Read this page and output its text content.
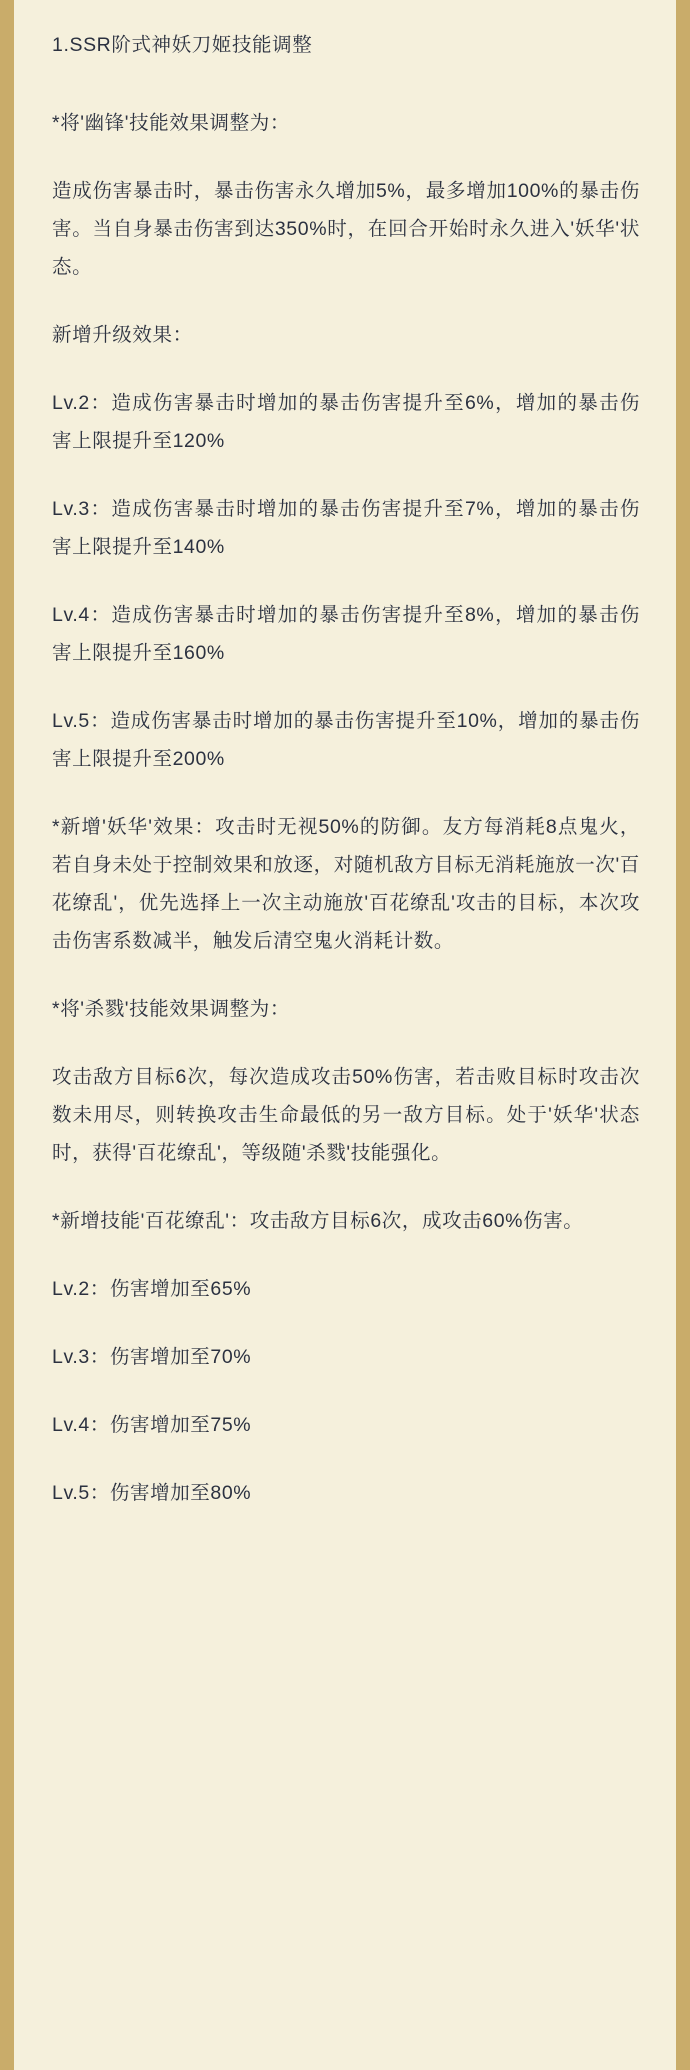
1.SSR阶式神妖刀姬技能调整

*将'幽锋'技能效果调整为：

造成伤害暴击时，暴击伤害永久增加5%，最多增加100%的暴击伤害。当自身暴击伤害到达350%时，在回合开始时永久进入'妖华'状态。

新增升级效果：

Lv.2：造成伤害暴击时增加的暴击伤害提升至6%，增加的暴击伤害上限提升至120%

Lv.3：造成伤害暴击时增加的暴击伤害提升至7%，增加的暴击伤害上限提升至140%

Lv.4：造成伤害暴击时增加的暴击伤害提升至8%，增加的暴击伤害上限提升至160%

Lv.5：造成伤害暴击时增加的暴击伤害提升至10%，增加的暴击伤害上限提升至200%

*新增'妖华'效果：攻击时无视50%的防御。友方每消耗8点鬼火，若自身未处于控制效果和放逐，对随机敌方目标无消耗施放一次'百花缭乱'，优先选择上一次主动施放'百花缭乱'攻击的目标，本次攻击伤害系数减半，触发后清空鬼火消耗计数。

*将'杀戮'技能效果调整为：

攻击敌方目标6次，每次造成攻击50%伤害，若击败目标时攻击次数未用尽，则转换攻击生命最低的另一敌方目标。处于'妖华'状态时，获得'百花缭乱'，等级随'杀戮'技能强化。

*新增技能'百花缭乱'：攻击敌方目标6次，成攻击60%伤害。

Lv.2：伤害增加至65%

Lv.3：伤害增加至70%

Lv.4：伤害增加至75%

Lv.5：伤害增加至80%
